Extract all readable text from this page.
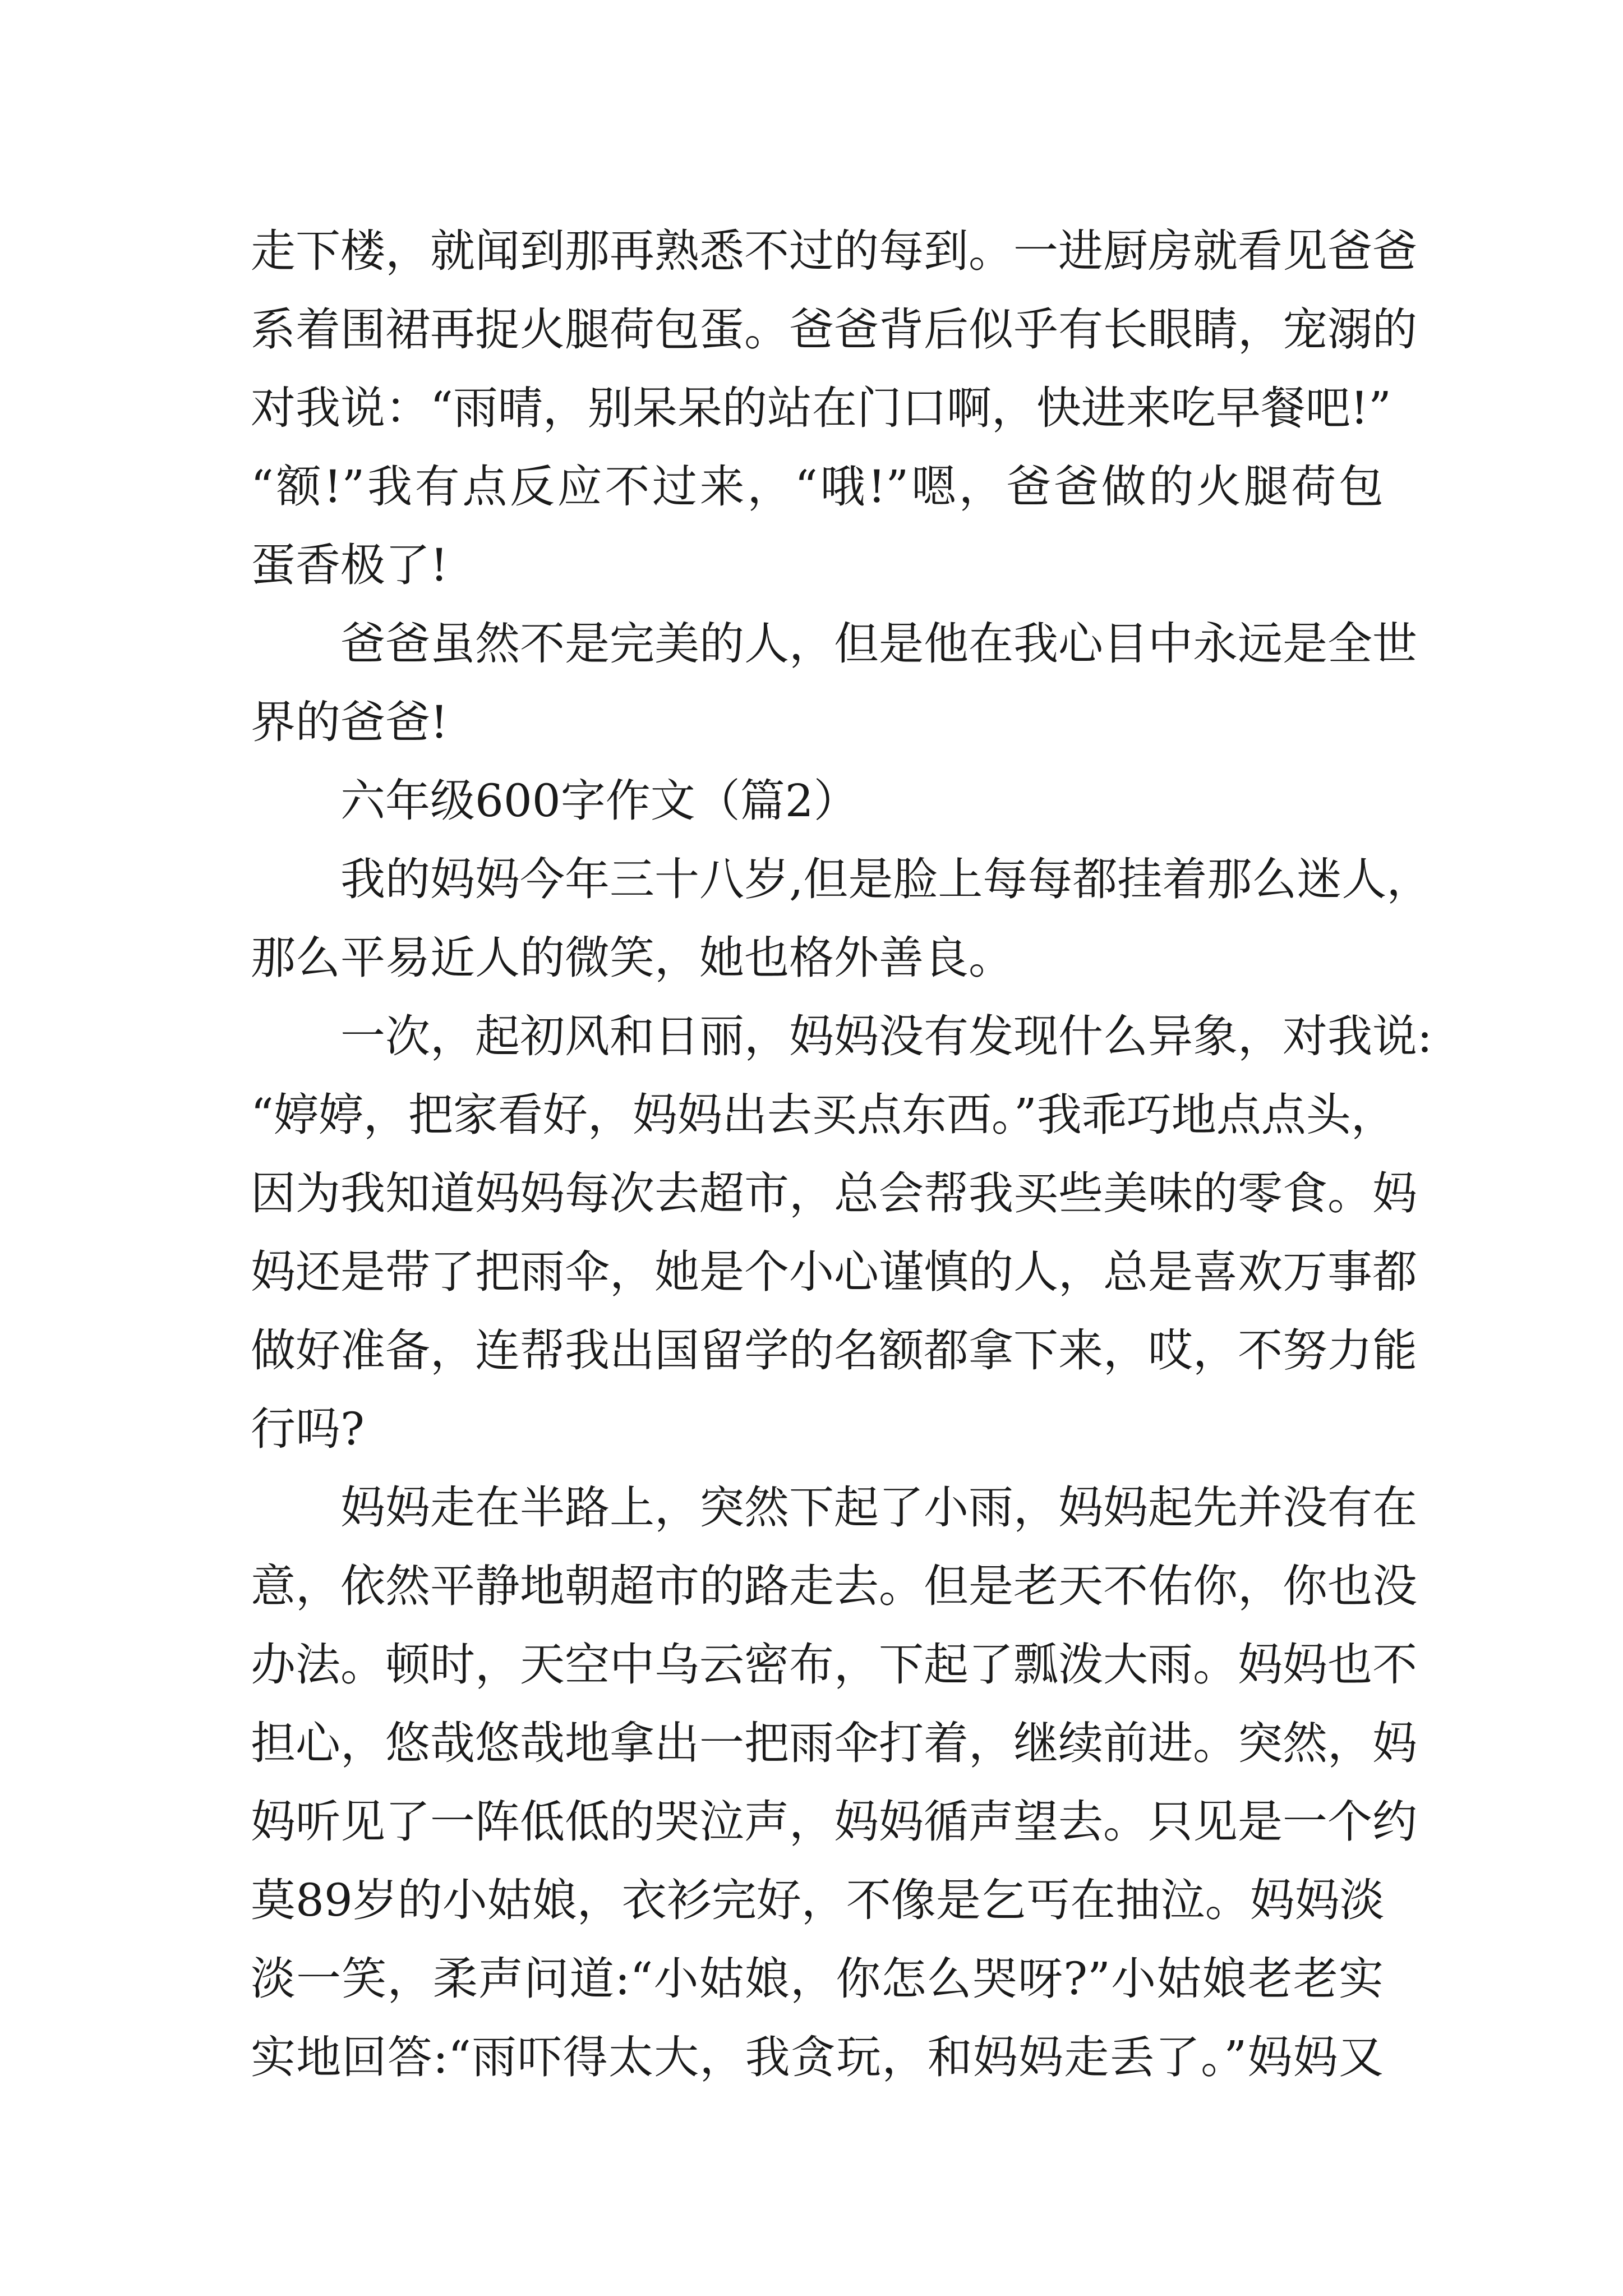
走下楼，就闻到那再熟悉不过的每到。一进厨房就看见爸爸
系着围裙再捉火腿荷包蛋。爸爸背后似乎有长眼睛，宠溺的
对我说：“雨晴，别呆呆的站在门口啊，快进来吃早餐吧!”
“额!”我有点反应不过来，“哦!”嗯，爸爸做的火腿荷包
蛋香极了!
爸爸虽然不是完美的人，但是他在我心目中永远是全世
界的爸爸!
六年级600字作文（篇2）
我的妈妈今年三十八岁,但是脸上每每都挂着那么迷人，
那么平易近人的微笑，她也格外善良。
一次，起初风和日丽，妈妈没有发现什么异象，对我说:
“婷婷，把家看好，妈妈出去买点东西。”我乖巧地点点头，
因为我知道妈妈每次去超市，总会帮我买些美味的零食。妈
妈还是带了把雨伞，她是个小心谨慎的人，总是喜欢万事都
做好准备，连帮我出国留学的名额都拿下来，哎，不努力能
行吗?
妈妈走在半路上，突然下起了小雨，妈妈起先并没有在
意，依然平静地朝超市的路走去。但是老天不佑你，你也没
办法。顿时，天空中乌云密布，下起了瓢泼大雨。妈妈也不
担心，悠哉悠哉地拿出一把雨伞打着，继续前进。突然，妈
妈听见了一阵低低的哭泣声，妈妈循声望去。只见是一个约
莫89岁的小姑娘，衣衫完好，不像是乞丐在抽泣。妈妈淡
淡一笑，柔声问道:“小姑娘，你怎么哭呀?”小姑娘老老实
实地回答:“雨吓得太大，我贪玩，和妈妈走丢了。”妈妈又
